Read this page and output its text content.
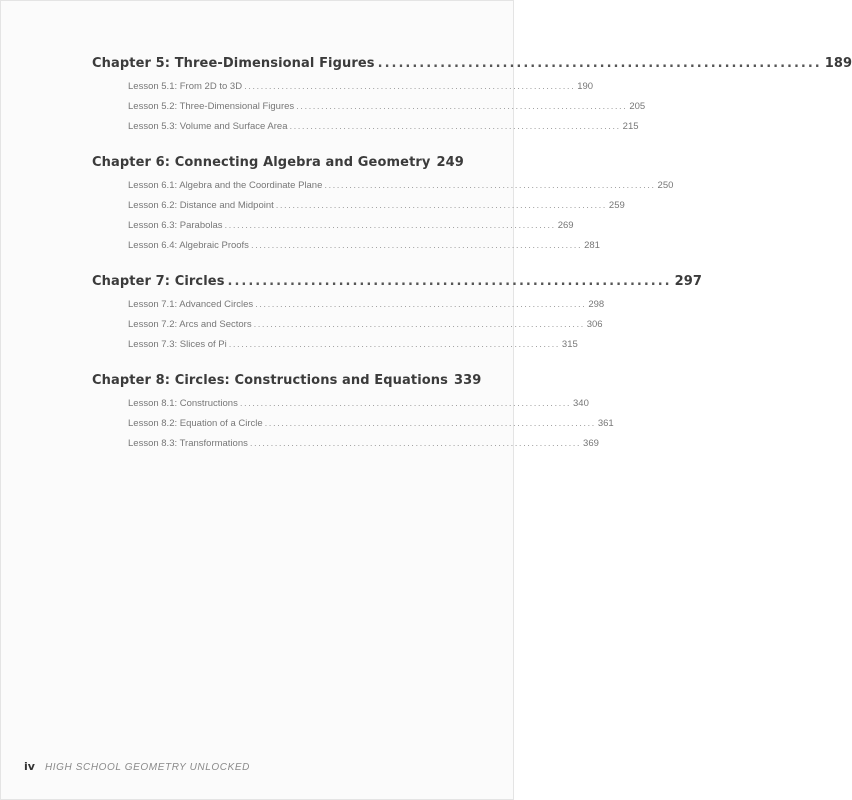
Chapter 5: Three-Dimensional Figures ................................................................ 189
Lesson 5.1: From 2D to 3D ................................................................................ 190
Lesson 5.2: Three-Dimensional Figures ................................................................................ 205
Lesson 5.3: Volume and Surface Area ................................................................................ 215
Chapter 6: Connecting Algebra and Geometry 249
Lesson 6.1: Algebra and the Coordinate Plane ................................................................................ 250
Lesson 6.2: Distance and Midpoint ................................................................................ 259
Lesson 6.3: Parabolas ................................................................................ 269
Lesson 6.4: Algebraic Proofs ................................................................................ 281
Chapter 7: Circles ................................................................ 297
Lesson 7.1: Advanced Circles ................................................................................ 298
Lesson 7.2: Arcs and Sectors ................................................................................ 306
Lesson 7.3: Slices of Pi ................................................................................ 315
Chapter 8: Circles: Constructions and Equations 339
Lesson 8.1: Constructions ................................................................................ 340
Lesson 8.2: Equation of a Circle ................................................................................ 361
Lesson 8.3: Transformations ................................................................................ 369
iv HIGH SCHOOL GEOMETRY UNLOCKED
